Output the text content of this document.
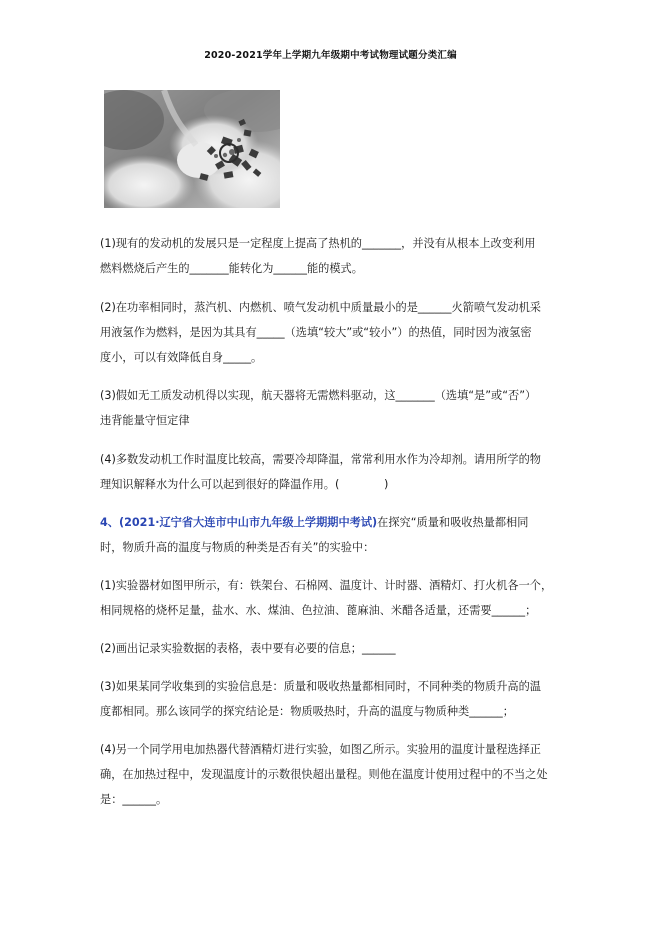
2020-2021学年上学期九年级期中考试物理试题分类汇编

(1)现有的发动机的发展只是一定程度上提高了热机的_______，并没有从根本上改变利用
燃料燃烧后产生的_______能转化为______能的模式。

(2)在功率相同时，蒸汽机、内燃机、喷气发动机中质量最小的是______火箭喷气发动机采
用液氢作为燃料，是因为其具有_____（选填“较大”或“较小”）的热值，同时因为液氢密
度小，可以有效降低自身_____。

(3)假如无工质发动机得以实现，航天器将无需燃料驱动，这_______（选填“是”或“否”）
违背能量守恒定律

(4)多数发动机工作时温度比较高，需要冷却降温，常常利用水作为冷却剂。请用所学的物
理知识解释水为什么可以起到很好的降温作用。(　　　　)

4、(2021·辽宁省大连市中山市九年级上学期期中考试)在探究“质量和吸收热量都相同
时，物质升高的温度与物质的种类是否有关”的实验中：

(1)实验器材如图甲所示，有：铁架台、石棉网、温度计、计时器、酒精灯、打火机各一个，
相同规格的烧杯足量，盐水、水、煤油、色拉油、蓖麻油、米醋各适量，还需要______；

(2)画出记录实验数据的表格，表中要有必要的信息；______

(3)如果某同学收集到的实验信息是：质量和吸收热量都相同时，不同种类的物质升高的温
度都相同。那么该同学的探究结论是：物质吸热时，升高的温度与物质种类______；

(4)另一个同学用电加热器代替酒精灯进行实验，如图乙所示。实验用的温度计量程选择正
确，在加热过程中，发现温度计的示数很快超出量程。则他在温度计使用过程中的不当之处
是：______。
